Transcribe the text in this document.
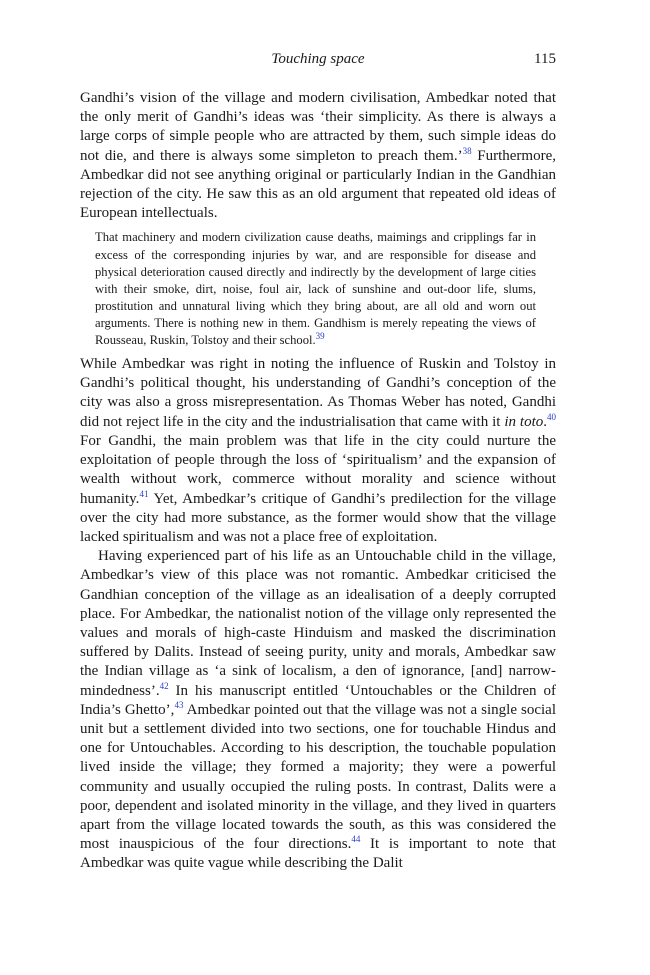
Touching space	115

Gandhi’s vision of the village and modern civilisation, Ambedkar noted that the only merit of Gandhi’s ideas was ‘their simplicity. As there is always a large corps of simple people who are attracted by them, such simple ideas do not die, and there is always some simpleton to preach them.’$^{38}$ Furthermore, Ambedkar did not see anything original or particularly Indian in the Gandhian rejection of the city. He saw this as an old argument that repeated old ideas of European intellectuals.

That machinery and modern civilization cause deaths, maimings and cripplings far in excess of the corresponding injuries by war, and are responsible for disease and physical deterioration caused directly and indirectly by the development of large cities with their smoke, dirt, noise, foul air, lack of sunshine and out-door life, slums, prostitution and unnatural living which they bring about, are all old and worn out arguments. There is nothing new in them. Gandhism is merely repeating the views of Rousseau, Ruskin, Tolstoy and their school.$^{39}$

While Ambedkar was right in noting the influence of Ruskin and Tolstoy in Gandhi’s political thought, his understanding of Gandhi’s conception of the city was also a gross misrepresentation. As Thomas Weber has noted, Gandhi did not reject life in the city and the industrialisation that came with it in toto.$^{40}$ For Gandhi, the main problem was that life in the city could nurture the exploitation of people through the loss of ‘spiritualism’ and the expansion of wealth without work, commerce without morality and science without humanity.$^{41}$ Yet, Ambedkar’s critique of Gandhi’s predilection for the village over the city had more substance, as the former would show that the village lacked spiritualism and was not a place free of exploitation.

Having experienced part of his life as an Untouchable child in the village, Ambedkar’s view of this place was not romantic. Ambedkar criticised the Gandhian conception of the village as an idealisation of a deeply corrupted place. For Ambedkar, the nationalist notion of the village only represented the values and morals of high-caste Hinduism and masked the discrimination suffered by Dalits. Instead of seeing purity, unity and morals, Ambedkar saw the Indian village as ‘a sink of localism, a den of ignorance, [and] narrow-mindedness’.$^{42}$ In his manuscript entitled ‘Untouchables or the Children of India’s Ghetto’,$^{43}$ Ambedkar pointed out that the village was not a single social unit but a settlement divided into two sections, one for touchable Hindus and one for Untouchables. According to his description, the touchable population lived inside the village; they formed a majority; they were a powerful community and usually occupied the ruling posts. In contrast, Dalits were a poor, dependent and isolated minority in the village, and they lived in quarters apart from the village located towards the south, as this was considered the most inauspicious of the four directions.$^{44}$ It is important to note that Ambedkar was quite vague while describing the Dalit
